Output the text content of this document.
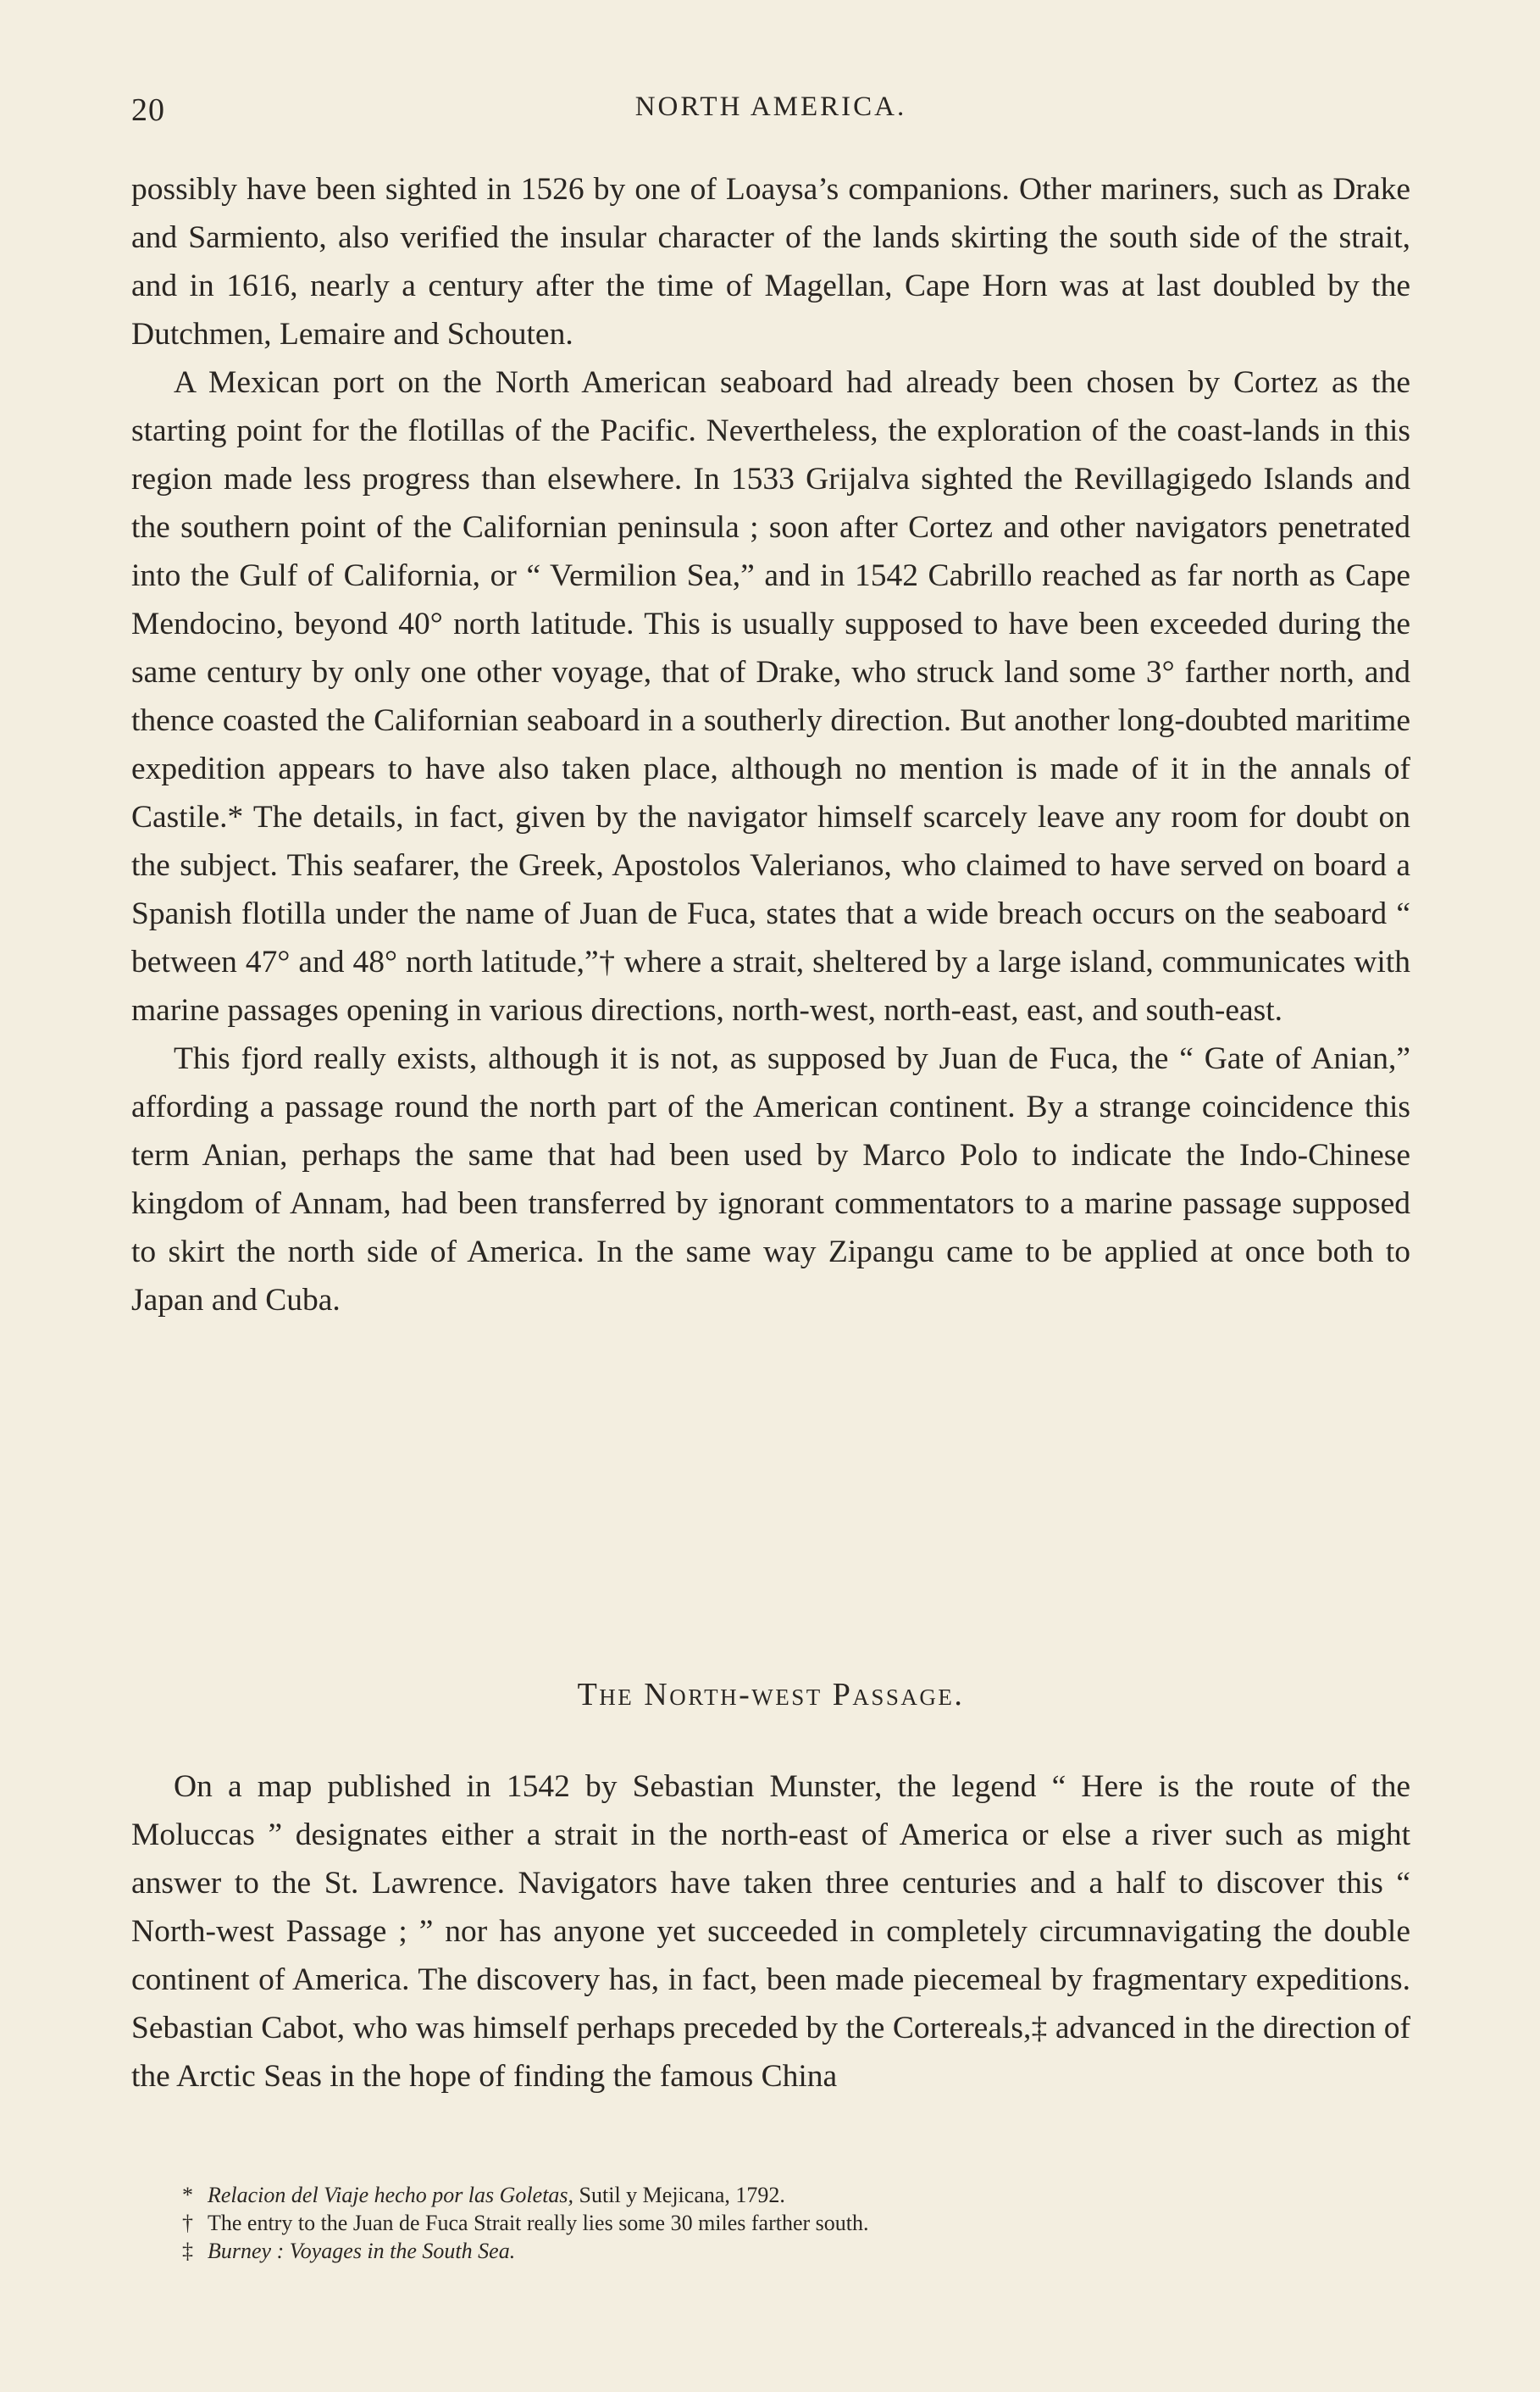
20	NORTH AMERICA.

possibly have been sighted in 1526 by one of Loaysa’s companions. Other mariners, such as Drake and Sarmiento, also verified the insular character of the lands skirting the south side of the strait, and in 1616, nearly a century after the time of Magellan, Cape Horn was at last doubled by the Dutchmen, Lemaire and Schouten.

A Mexican port on the North American seaboard had already been chosen by Cortez as the starting point for the flotillas of the Pacific. Nevertheless, the exploration of the coast-lands in this region made less progress than elsewhere. In 1533 Grijalva sighted the Revillagigedo Islands and the southern point of the Californian peninsula ; soon after Cortez and other navigators penetrated into the Gulf of California, or “ Vermilion Sea,” and in 1542 Cabrillo reached as far north as Cape Mendocino, beyond 40° north latitude. This is usually supposed to have been exceeded during the same century by only one other voyage, that of Drake, who struck land some 3° farther north, and thence coasted the Californian seaboard in a southerly direction. But another long-doubted maritime expedition appears to have also taken place, although no mention is made of it in the annals of Castile.* The details, in fact, given by the navigator himself scarcely leave any room for doubt on the subject. This seafarer, the Greek, Apostolos Valerianos, who claimed to have served on board a Spanish flotilla under the name of Juan de Fuca, states that a wide breach occurs on the seaboard “ between 47° and 48° north latitude,”† where a strait, sheltered by a large island, communicates with marine passages opening in various directions, north-west, north-east, east, and south-east.

This fjord really exists, although it is not, as supposed by Juan de Fuca, the “ Gate of Anian,” affording a passage round the north part of the American continent. By a strange coincidence this term Anian, perhaps the same that had been used by Marco Polo to indicate the Indo-Chinese kingdom of Annam, had been transferred by ignorant commentators to a marine passage supposed to skirt the north side of America. In the same way Zipangu came to be applied at once both to Japan and Cuba.

The North-west Passage.

On a map published in 1542 by Sebastian Munster, the legend “ Here is the route of the Moluccas ” designates either a strait in the north-east of America or else a river such as might answer to the St. Lawrence. Navigators have taken three centuries and a half to discover this “ North-west Passage ; ” nor has anyone yet succeeded in completely circumnavigating the double continent of America. The discovery has, in fact, been made piecemeal by fragmentary expeditions. Sebastian Cabot, who was himself perhaps preceded by the Cortereals,‡ advanced in the direction of the Arctic Seas in the hope of finding the famous China

* Relacion del Viaje hecho por las Goletas, Sutil y Mejicana, 1792.

† The entry to the Juan de Fuca Strait really lies some 30 miles farther south.

‡ Burney : Voyages in the South Sea.
